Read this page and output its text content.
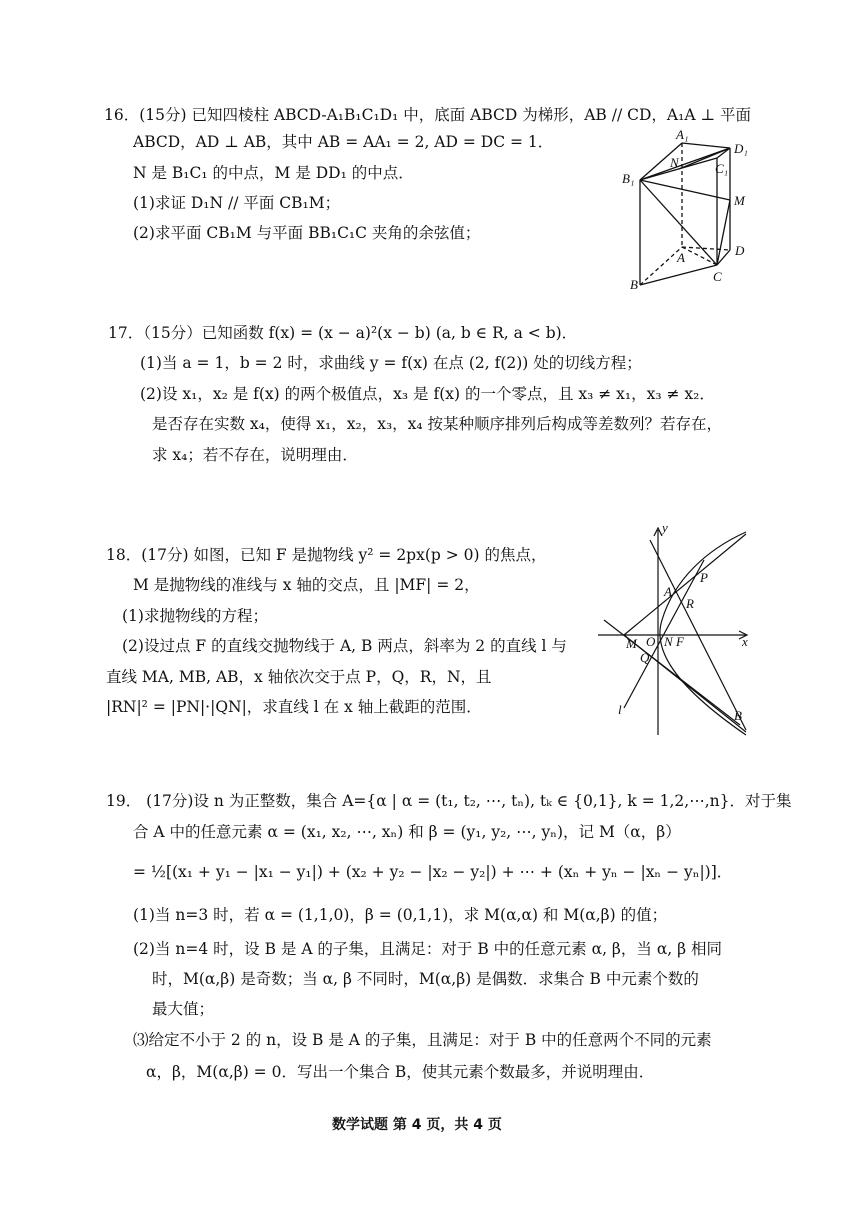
16．(15分) 已知四棱柱 ABCD-A₁B₁C₁D₁ 中，底面 ABCD 为梯形，AB // CD，A₁A ⊥ 平面
ABCD，AD ⊥ AB，其中 AB = AA₁ = 2, AD = DC = 1．
N 是 B₁C₁ 的中点，M 是 DD₁ 的中点．
(1)求证 D₁N // 平面 CB₁M；
(2)求平面 CB₁M 与平面 BB₁C₁C 夹角的余弦值；
A₁
D₁
N	C₁
B₁
M
A	D
C
B
17．（15分）已知函数 f(x) = (x − a)²(x − b) (a, b ∈ R, a < b)．
(1)当 a = 1，b = 2 时，求曲线 y = f(x) 在点 (2, f(2)) 处的切线方程；
(2)设 x₁，x₂ 是 f(x) 的两个极值点，x₃ 是 f(x) 的一个零点，且 x₃ ≠ x₁，x₃ ≠ x₂．
是否存在实数 x₄，使得 x₁，x₂，x₃，x₄ 按某种顺序排列后构成等差数列？若存在，
求 x₄；若不存在，说明理由．
18．(17分) 如图，已知 F 是抛物线 y² = 2px(p > 0) 的焦点，
M 是抛物线的准线与 x 轴的交点，且 |MF| = 2，
(1)求抛物线的方程；
(2)设过点 F 的直线交抛物线于 A, B 两点，斜率为 2 的直线 l 与
直线 MA, MB, AB，x 轴依次交于点 P，Q，R，N，且
|RN|² = |PN|·|QN|，求直线 l 在 x 轴上截距的范围．
y
P
A
R
x
M O N F
Q
l	B
19． (17分)设 n 为正整数，集合 A={α | α = (t₁, t₂, ⋯, tₙ), tₖ ∈ {0,1}, k = 1,2,⋯,n}．对于集
合 A 中的任意元素 α = (x₁, x₂, ⋯, xₙ) 和 β = (y₁, y₂, ⋯, yₙ)，记 M（α，β）
= ½[(x₁ + y₁ − |x₁ − y₁|) + (x₂ + y₂ − |x₂ − y₂|) + ⋯ + (xₙ + yₙ − |xₙ − yₙ|)]．
(1)当 n=3 时，若 α = (1,1,0)，β = (0,1,1)，求 M(α,α) 和 M(α,β) 的值；
(2)当 n=4 时，设 B 是 A 的子集，且满足：对于 B 中的任意元素 α, β，当 α, β 相同
时，M(α,β) 是奇数；当 α, β 不同时，M(α,β) 是偶数．求集合 B 中元素个数的
最大值；
⑶给定不小于 2 的 n，设 B 是 A 的子集，且满足：对于 B 中的任意两个不同的元素
α，β，M(α,β) = 0．写出一个集合 B，使其元素个数最多，并说明理由．
数学试题 第 4 页，共 4 页
